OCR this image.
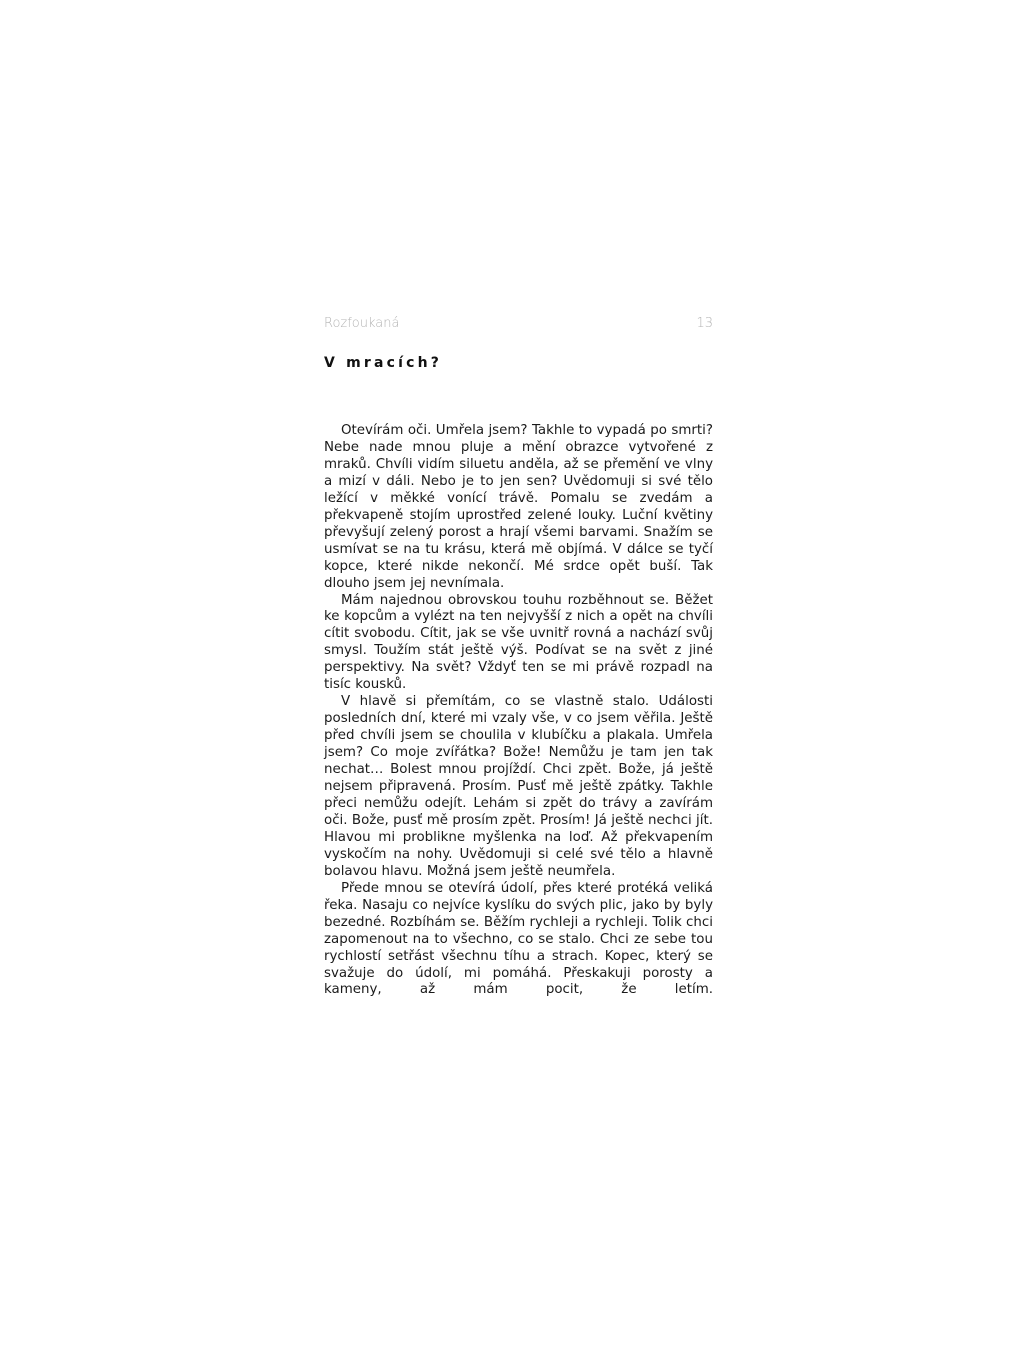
Rozfoukaná	13
V mracích?

Otevírám oči. Umřela jsem? Takhle to vypadá po smrti? Nebe nade mnou pluje a mění obrazce vytvořené z mraků. Chvíli vidím siluetu anděla, až se přemění ve vlny a mizí v dáli. Nebo je to jen sen? Uvědomuji si své tělo ležící v měkké vonící trávě. Pomalu se zvedám a překvapeně stojím uprostřed zelené louky. Luční květiny převyšují zelený porost a hrají všemi barvami. Snažím se usmívat se na tu krásu, která mě objímá. V dálce se tyčí kopce, které nikde nekončí. Mé srdce opět buší. Tak dlouho jsem jej nevnímala.

Mám najednou obrovskou touhu rozběhnout se. Běžet ke kopcům a vylézt na ten nejvyšší z nich a opět na chvíli cítit svobodu. Cítit, jak se vše uvnitř rovná a nachází svůj smysl. Toužím stát ještě výš. Podívat se na svět z jiné perspektivy. Na svět? Vždyť ten se mi právě rozpadl na tisíc kousků.

V hlavě si přemítám, co se vlastně stalo. Události posledních dní, které mi vzaly vše, v co jsem věřila. Ještě před chvíli jsem se choulila v klubíčku a plakala. Umřela jsem? Co moje zvířátka? Bože! Nemůžu je tam jen tak nechat… Bolest mnou projíždí. Chci zpět. Bože, já ještě nejsem připravená. Prosím. Pusť mě ještě zpátky. Takhle přeci nemůžu odejít. Lehám si zpět do trávy a zavírám oči. Bože, pusť mě prosím zpět. Prosím! Já ještě nechci jít. Hlavou mi problikne myšlenka na loď. Až překvapením vyskočím na nohy. Uvědomuji si celé své tělo a hlavně bolavou hlavu. Možná jsem ještě neumřela.

Přede mnou se otevírá údolí, přes které protéká veliká řeka. Nasaju co nejvíce kyslíku do svých plic, jako by byly bezedné. Rozbíhám se. Běžím rychleji a rychleji. Tolik chci zapomenout na to všechno, co se stalo. Chci ze sebe tou rychlostí setřást všechnu tíhu a strach. Kopec, který se svažuje do údolí, mi pomáhá. Přeskakuji porosty a kameny, až mám pocit, že letím.
